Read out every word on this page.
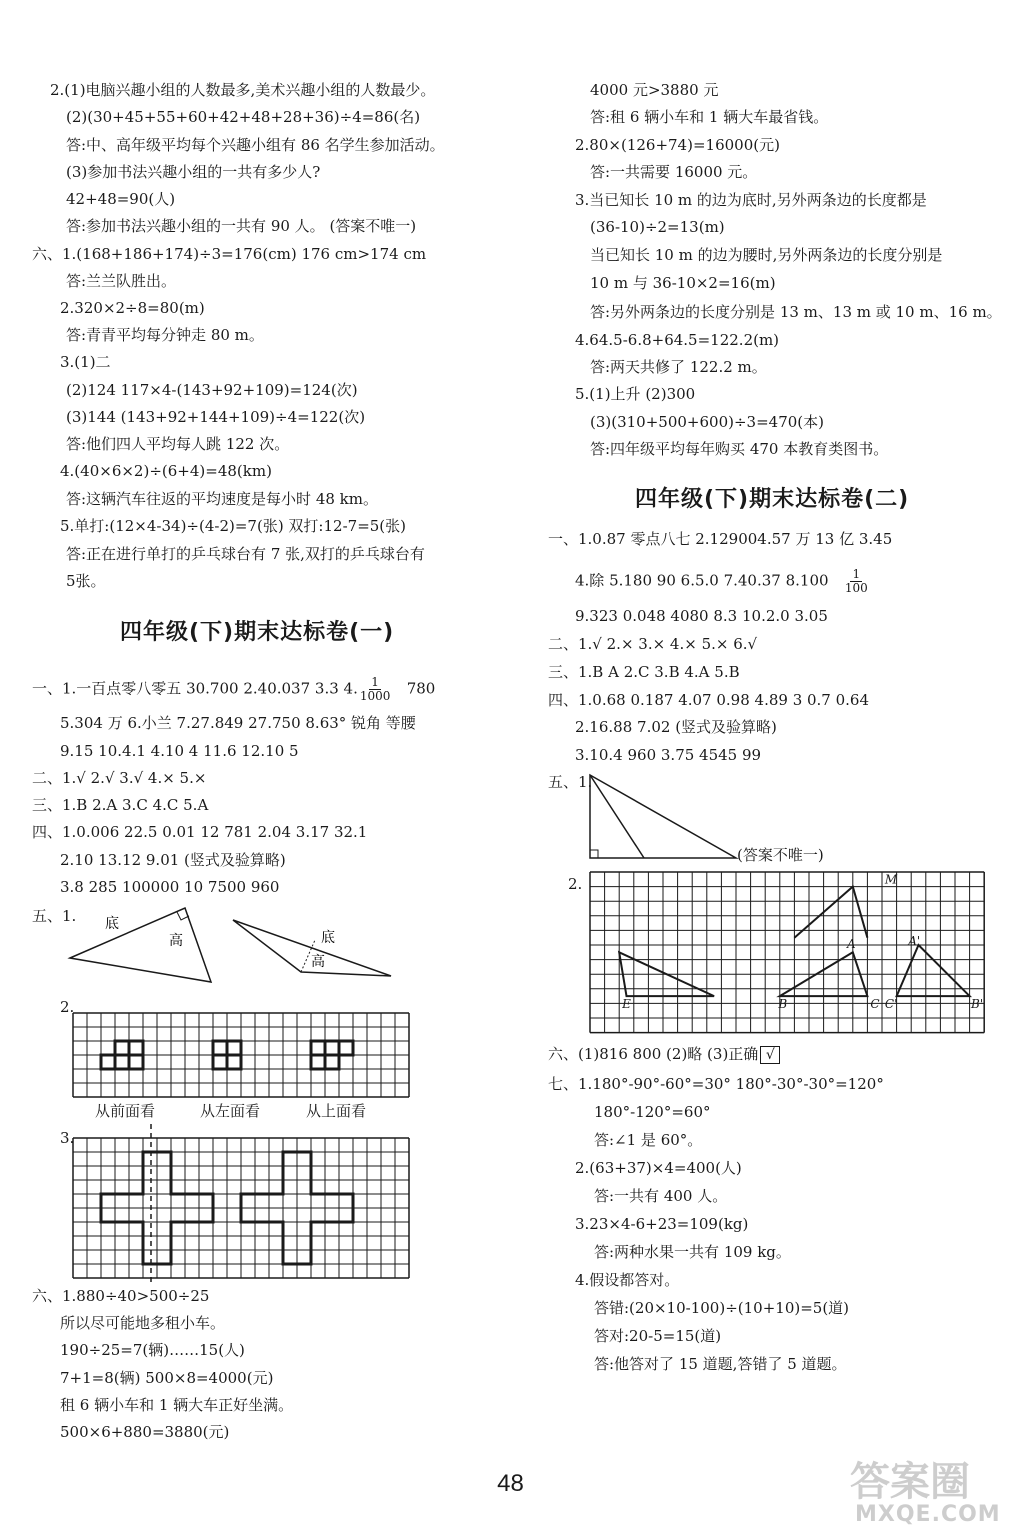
2.(1)电脑兴趣小组的人数最多,美术兴趣小组的人数最少。
(2)(30+45+55+60+42+48+28+36)÷4=86(名)
答:中、高年级平均每个兴趣小组有 86 名学生参加活动。
(3)参加书法兴趣小组的一共有多少人?
42+48=90(人)
答:参加书法兴趣小组的一共有 90 人。 (答案不唯一)
六、1.(168+186+174)÷3=176(cm) 176 cm>174 cm
答:兰兰队胜出。
2.320×2÷8=80(m)
答:青青平均每分钟走 80 m。
3.(1)二
(2)124 117×4-(143+92+109)=124(次)
(3)144 (143+92+144+109)÷4=122(次)
答:他们四人平均每人跳 122 次。
4.(40×6×2)÷(6+4)=48(km)
答:这辆汽车往返的平均速度是每小时 48 km。
5.单打:(12×4-34)÷(4-2)=7(张) 双打:12-7=5(张)
答:正在进行单打的乒乓球台有 7 张,双打的乒乓球台有
5张。
四年级(下)期末达标卷(一)
一、1.一百点零八零五 30.700 2.40.037 3.3 4. $\frac{1}{1000} 780$
5.304 万 6.小兰 7.27.849 27.750 8.63° 锐角 等腰
9.15 10.4.1 4.10 4 11.6 12.10 5
二、1.√ 2.√ 3.√ 4.× 5.×
三、1.B 2.A 3.C 4.C 5.A
四、1.0.006 22.5 0.01 12 781 2.04 3.17 32.1
2.10 13.12 9.01 (竖式及验算略)
3.8 285 100000 10 7500 960
五、1. 底
高	底
高
2.
从前面看	从左面看	从上面看
3.
六、1.880÷40>500÷25
所以尽可能地多租小车。
190÷25=7(辆)……15(人)
7+1=8(辆) 500×8=4000(元)
租 6 辆小车和 1 辆大车正好坐满。
500×6+880=3880(元)
4000 元>3880 元
答:租 6 辆小车和 1 辆大车最省钱。
2.80×(126+74)=16000(元)
答:一共需要 16000 元。
3.当已知长 10 m 的边为底时,另外两条边的长度都是
(36-10)÷2=13(m)
当已知长 10 m 的边为腰时,另外两条边的长度分别是
10 m 与 36-10×2=16(m)
答:另外两条边的长度分别是 13 m、13 m 或 10 m、16 m。
4.64.5-6.8+64.5=122.2(m)
答:两天共修了 122.2 m。
5.(1)上升 (2)300
(3)(310+500+600)÷3=470(本)
答:四年级平均每年购买 470 本教育类图书。
四年级(下)期末达标卷(二)
一、1.0.87 零点八七 2.129004.57 万 13 亿 3.45
4.除 5.180 90 6.5.0 7.40.37 $8.100 \frac{1}{100}$
9.323 0.048 4080 8.3 10.2.0 3.05
二、1.√ 2.× 3.× 4.× 5.× 6.√
三、1.B A 2.C 3.B 4.A 5.B
四、1.0.68 0.187 4.07 0.98 4.89 3 0.7 0.64
2.16.88 7.02 (竖式及验算略)
3.10.4 960 3.75 4545 99
五、1.
(答案不唯一)
2.	M
A	A'
E	B	C C'	B'
六、(1)816 800 (2)略 (3)正确 √
七、1.180°-90°-60°=30° 180°-30°-30°=120°
180°-120°=60°
答:∠1 是 60°。
2.(63+37)×4=400(人)
答:一共有 400 人。
3.23×4-6+23=109(kg)
答:两种水果一共有 109 kg。
4.假设都答对。
答错:(20×10-100)÷(10+10)=5(道)
答对:20-5=15(道)
答:他答对了 15 道题,答错了 5 道题。
48	答案圈
MXQE.COM
